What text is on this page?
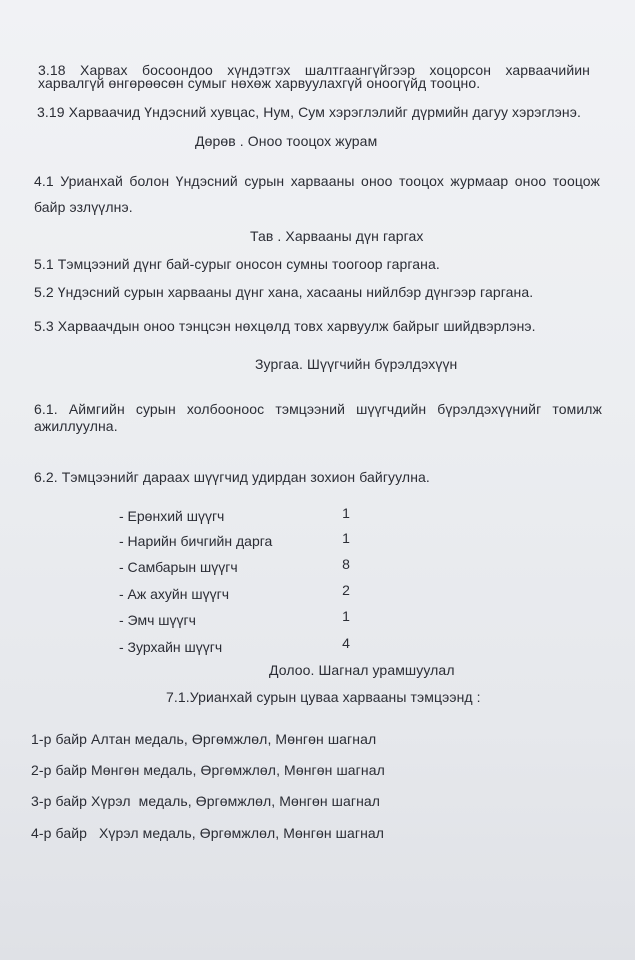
3.18 Харвах босоондоо хүндэтгэх шалтгаангүйгээр хоцорсон харваачийин
харвалгүй өнгөрөөсөн сумыг нөхөж харвуулахгүй оноогүйд тооцно.
3.19 Харваачид Үндэсний хувцас, Нум, Сум хэрэглэлийг дүрмийн дагуу хэрэглэнэ.
Дөрөв . Оноо тооцох журам
4.1 Урианхай болон Үндэсний сурын харвааны оноо тооцох журмаар оноо тооцож
байр эзлүүлнэ.
Тав . Харвааны дүн гаргах
5.1 Тэмцээний дүнг бай-сурыг оносон сумны тоогоор гаргана.
5.2 Үндэсний сурын харвааны дүнг хана, хасааны нийлбэр дүнгээр гаргана.
5.3 Харваачдын оноо тэнцсэн нөхцөлд товх харвуулж байрыг шийдвэрлэнэ.
Зургаа. Шүүгчийн бүрэлдэхүүн
6.1. Аймгийн сурын холбооноос тэмцээний шүүгчдийн бүрэлдэхүүнийг томилж
ажиллуулна.
6.2. Тэмцээнийг дараах шүүгчид удирдан зохион байгуулна.
- Ерөнхий шүүгч	1
- Нарийн бичгийн дарга	1
- Самбарын шүүгч	8
- Аж ахуйн шүүгч	2
- Эмч шүүгч	1
- Зурхайн шүүгч	4
Долоо. Шагнал урамшуулал
7.1.Урианхай сурын цуваа харвааны тэмцээнд :
1-р байр Алтан медаль, Өргөмжлөл, Мөнгөн шагнал
2-р байр Мөнгөн медаль, Өргөмжлөл, Мөнгөн шагнал
3-р байр Хүрэл  медаль, Өргөмжлөл, Мөнгөн шагнал
4-р байр   Хүрэл медаль, Өргөмжлөл, Мөнгөн шагнал
